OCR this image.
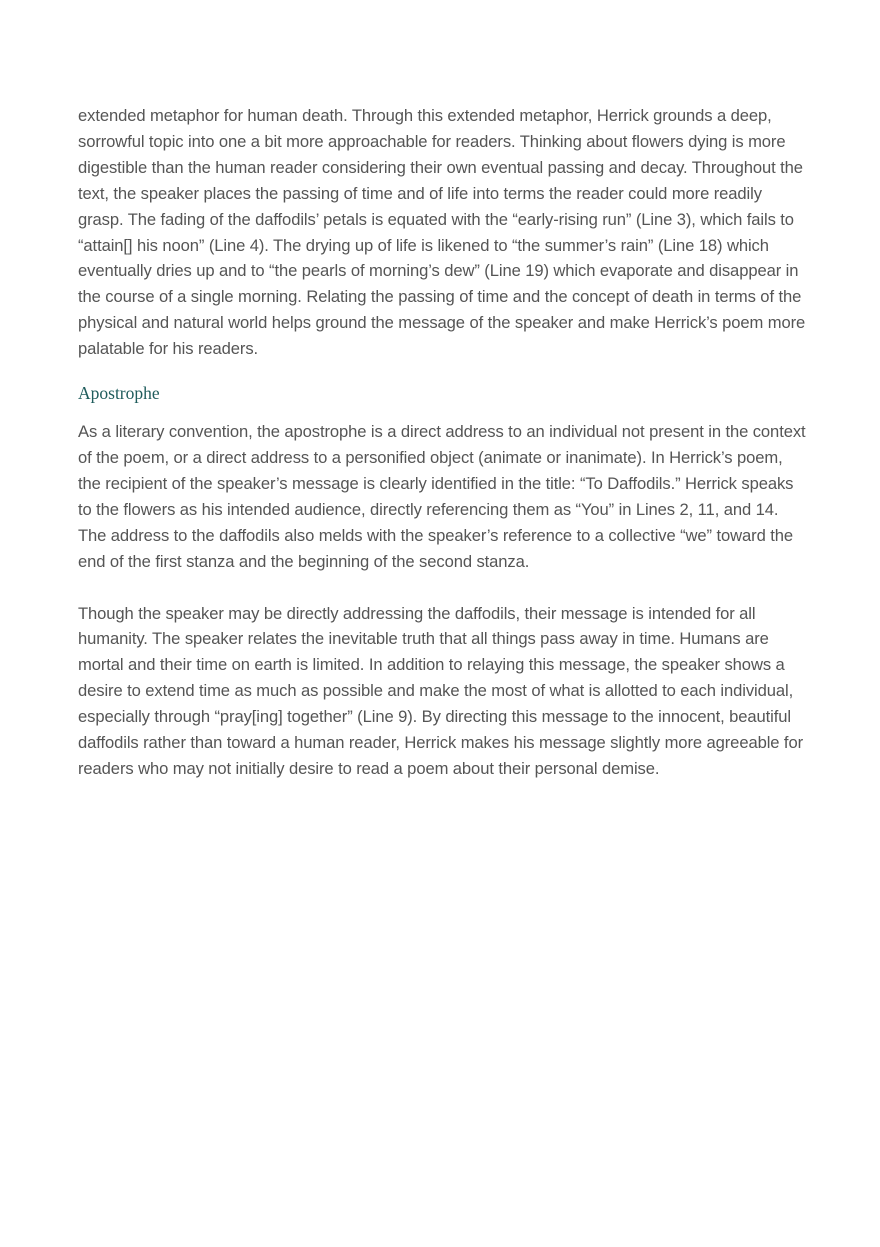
extended metaphor for human death. Through this extended metaphor, Herrick grounds a deep, sorrowful topic into one a bit more approachable for readers. Thinking about flowers dying is more digestible than the human reader considering their own eventual passing and decay. Throughout the text, the speaker places the passing of time and of life into terms the reader could more readily grasp. The fading of the daffodils’ petals is equated with the “early-rising run” (Line 3), which fails to “attain[] his noon” (Line 4). The drying up of life is likened to “the summer’s rain” (Line 18) which eventually dries up and to “the pearls of morning’s dew” (Line 19) which evaporate and disappear in the course of a single morning. Relating the passing of time and the concept of death in terms of the physical and natural world helps ground the message of the speaker and make Herrick’s poem more palatable for his readers.

Apostrophe

As a literary convention, the apostrophe is a direct address to an individual not present in the context of the poem, or a direct address to a personified object (animate or inanimate). In Herrick’s poem, the recipient of the speaker’s message is clearly identified in the title: “To Daffodils.” Herrick speaks to the flowers as his intended audience, directly referencing them as “You” in Lines 2, 11, and 14. The address to the daffodils also melds with the speaker’s reference to a collective “we” toward the end of the first stanza and the beginning of the second stanza.

Though the speaker may be directly addressing the daffodils, their message is intended for all humanity. The speaker relates the inevitable truth that all things pass away in time. Humans are mortal and their time on earth is limited. In addition to relaying this message, the speaker shows a desire to extend time as much as possible and make the most of what is allotted to each individual, especially through “pray[ing] together” (Line 9). By directing this message to the innocent, beautiful daffodils rather than toward a human reader, Herrick makes his message slightly more agreeable for readers who may not initially desire to read a poem about their personal demise.
